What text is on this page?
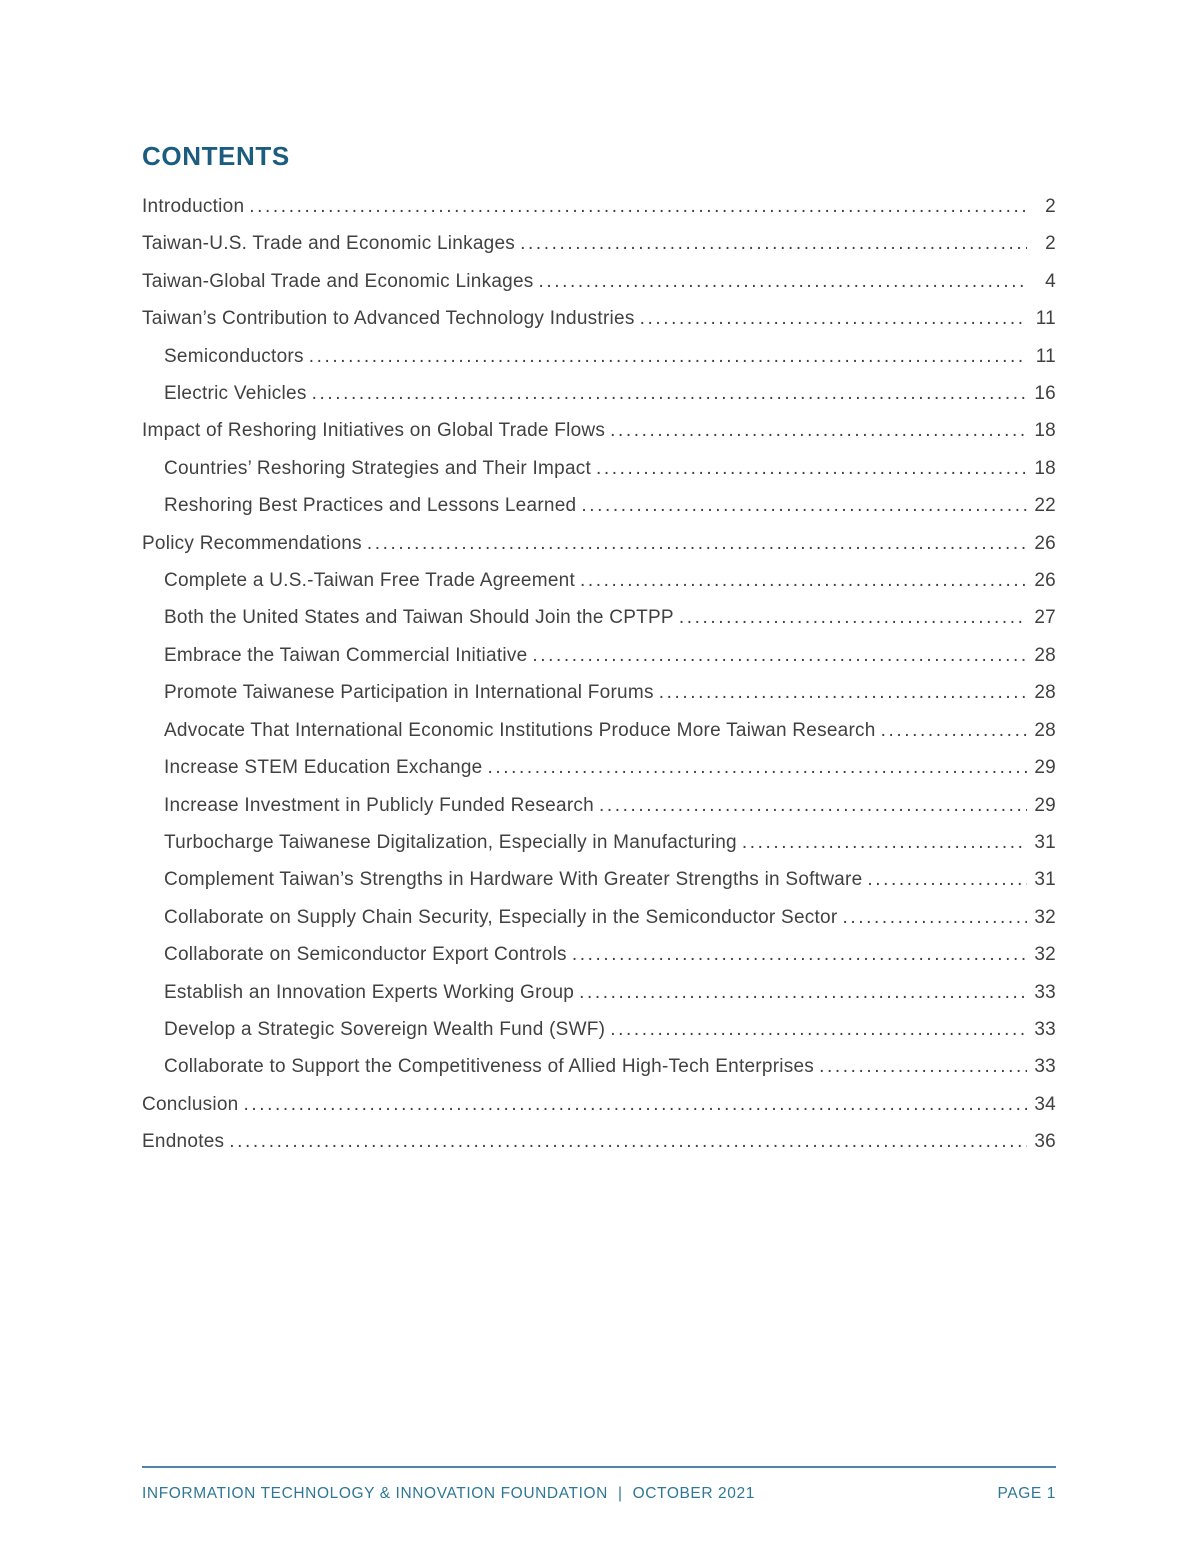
CONTENTS
Introduction .....	2
Taiwan-U.S. Trade and Economic Linkages .....	2
Taiwan-Global Trade and Economic Linkages .....	4
Taiwan’s Contribution to Advanced Technology Industries .....	11
Semiconductors .....	11
Electric Vehicles .....	16
Impact of Reshoring Initiatives on Global Trade Flows .....	18
Countries’ Reshoring Strategies and Their Impact .....	18
Reshoring Best Practices and Lessons Learned .....	22
Policy Recommendations .....	26
Complete a U.S.-Taiwan Free Trade Agreement .....	26
Both the United States and Taiwan Should Join the CPTPP .....	27
Embrace the Taiwan Commercial Initiative .....	28
Promote Taiwanese Participation in International Forums .....	28
Advocate That International Economic Institutions Produce More Taiwan Research .....	28
Increase STEM Education Exchange .....	29
Increase Investment in Publicly Funded Research .....	29
Turbocharge Taiwanese Digitalization, Especially in Manufacturing .....	31
Complement Taiwan’s Strengths in Hardware With Greater Strengths in Software .....	31
Collaborate on Supply Chain Security, Especially in the Semiconductor Sector .....	32
Collaborate on Semiconductor Export Controls .....	32
Establish an Innovation Experts Working Group .....	33
Develop a Strategic Sovereign Wealth Fund (SWF) .....	33
Collaborate to Support the Competitiveness of Allied High-Tech Enterprises .....	33
Conclusion .....	34
Endnotes .....	36
INFORMATION TECHNOLOGY & INNOVATION FOUNDATION | OCTOBER 2021	PAGE 1
